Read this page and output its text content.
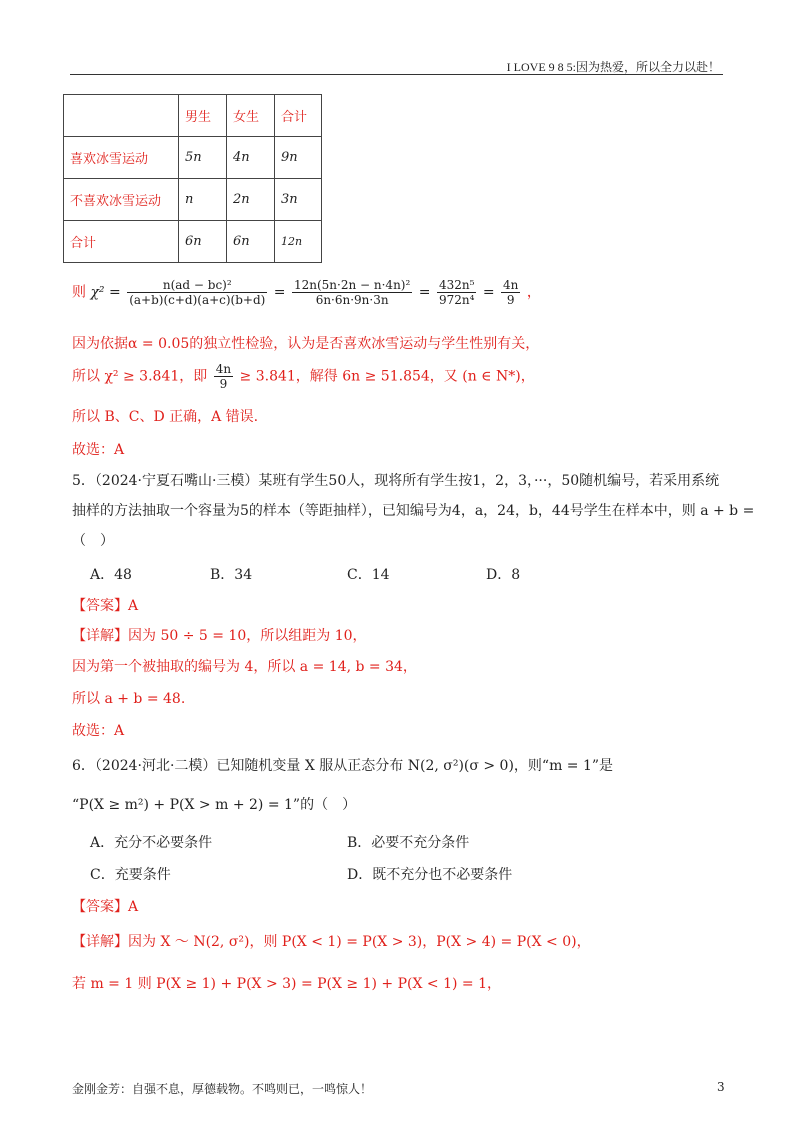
I LOVE 9 8 5:因为热爱，所以全力以赴！
	男生	女生	合计
喜欢冰雪运动	5n	4n	9n
不喜欢冰雪运动	n	2n	3n
合计	6n	6n	12n
则 $\chi^2 = \frac{\text{n(ad − bc)²}}{(a+b)(c+d)(a+c)(b+d)} = \frac{\text{12n(5n·2n − n·4n)²}}{6n\cdot 6n\cdot 9n\cdot 3n} = \frac{\text{432n⁵}}{\text{972n⁴}} = \frac{4n}{9}$ ，
因为依据α = 0.05的独立性检验，认为是否喜欢冰雪运动与学生性别有关，
所以 χ² ≥ 3.841，即 $\frac{4n}{9} \ge 3.841$，解得 6n ≥ 51.854，又 (n ∈ N*)，
所以 B、C、D 正确，A 错误.
故选：A
5．（2024·宁夏石嘴山·三模）某班有学生50人，现将所有学生按1，2，3，···，50随机编号，若采用系统
抽样的方法抽取一个容量为5的样本（等距抽样），已知编号为4，a，24，b，44号学生在样本中，则 a + b =
（　）
A．48	B．34	C．14	D．8
【答案】A
【详解】因为 50 ÷ 5 = 10，所以组距为 10，
因为第一个被抽取的编号为 4，所以 a = 14, b = 34，
所以 a + b = 48.
故选：A
6．（2024·河北·二模）已知随机变量 X 服从正态分布 N(2, σ²)(σ > 0)，则“m = 1”是
“P(X ≥ m²) + P(X > m + 2) = 1”的（　）
A．充分不必要条件	B．必要不充分条件
C．充要条件	D．既不充分也不必要条件
【答案】A
【详解】因为 X ～ N(2, σ²)，则 P(X < 1) = P(X > 3)，P(X > 4) = P(X < 0)，
若 m = 1 则 P(X ≥ 1) + P(X > 3) = P(X ≥ 1) + P(X < 1) = 1，
金刚金芳：自强不息，厚德载物。不鸣则已，一鸣惊人！	3
